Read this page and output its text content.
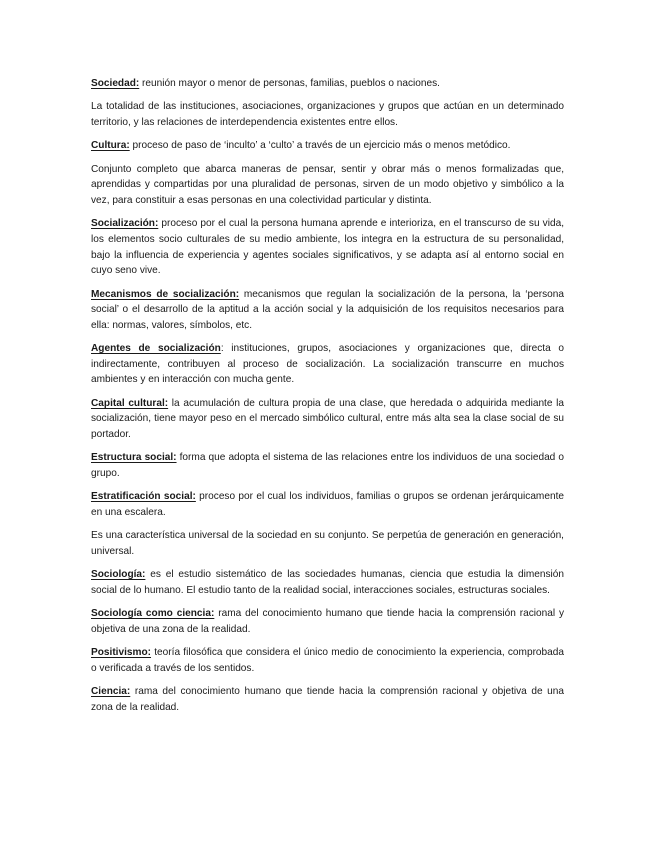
Sociedad: reunión mayor o menor de personas, familias, pueblos o naciones.

La totalidad de las instituciones, asociaciones, organizaciones y grupos que actúan en un determinado territorio, y las relaciones de interdependencia existentes entre ellos.

Cultura: proceso de paso de ‘inculto’ a ‘culto’ a través de un ejercicio más o menos metódico.

Conjunto completo que abarca maneras de pensar, sentir y obrar más o menos formalizadas que, aprendidas y compartidas por una pluralidad de personas, sirven de un modo objetivo y simbólico a la vez, para constituir a esas personas en una colectividad particular y distinta.

Socialización: proceso por el cual la persona humana aprende e interioriza, en el transcurso de su vida, los elementos socio culturales de su medio ambiente, los integra en la estructura de su personalidad, bajo la influencia de experiencia y agentes sociales significativos, y se adapta así al entorno social en cuyo seno vive.

Mecanismos de socialización: mecanismos que regulan la socialización de la persona, la ‘persona social’ o el desarrollo de la aptitud a la acción social y la adquisición de los requisitos necesarios para ella: normas, valores, símbolos, etc.

Agentes de socialización: instituciones, grupos, asociaciones y organizaciones que, directa o indirectamente, contribuyen al proceso de socialización. La socialización transcurre en muchos ambientes y en interacción con mucha gente.

Capital cultural: la acumulación de cultura propia de una clase, que heredada o adquirida mediante la socialización, tiene mayor peso en el mercado simbólico cultural, entre más alta sea la clase social de su portador.

Estructura social: forma que adopta el sistema de las relaciones entre los individuos de una sociedad o grupo.

Estratificación social: proceso por el cual los individuos, familias o grupos se ordenan jerárquicamente en una escalera.

Es una característica universal de la sociedad en su conjunto. Se perpetúa de generación en generación, universal.

Sociología: es el estudio sistemático de las sociedades humanas, ciencia que estudia la dimensión social de lo humano. El estudio tanto de la realidad social, interacciones sociales, estructuras sociales.

Sociología como ciencia: rama del conocimiento humano que tiende hacia la comprensión racional y objetiva de una zona de la realidad.

Positivismo: teoría filosófica que considera el único medio de conocimiento la experiencia, comprobada o verificada a través de los sentidos.

Ciencia: rama del conocimiento humano que tiende hacia la comprensión racional y objetiva de una zona de la realidad.
